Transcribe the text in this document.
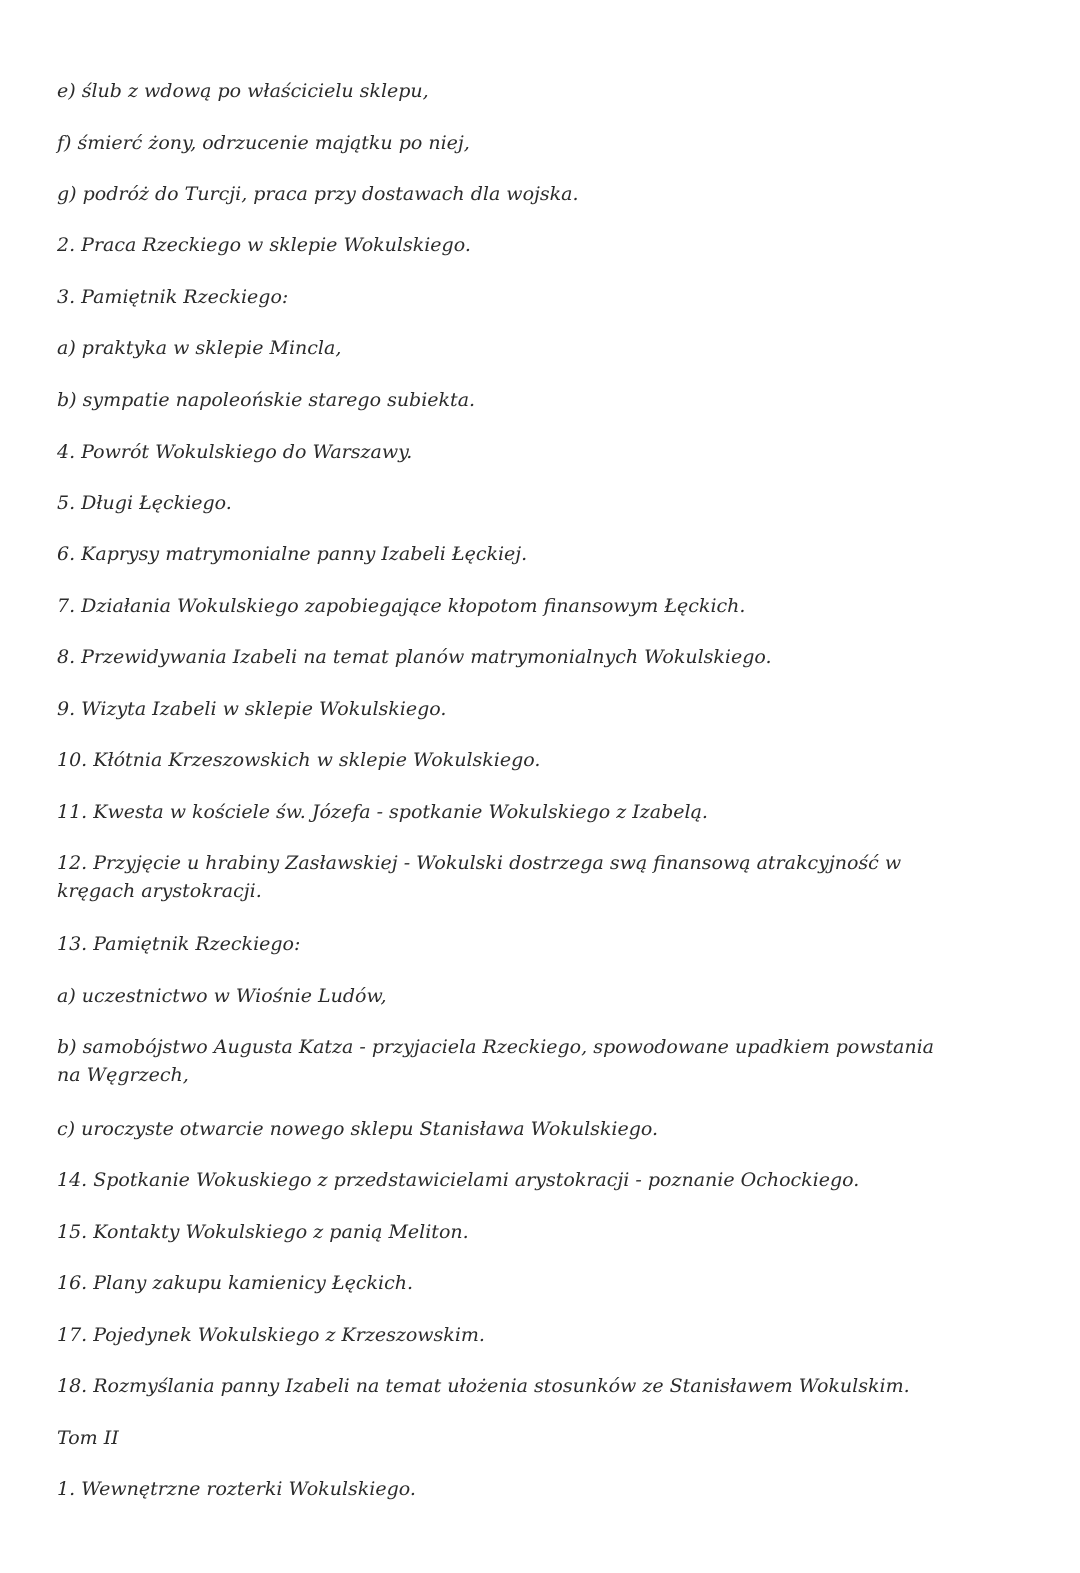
e) ślub z wdową po właścicielu sklepu,

f) śmierć żony, odrzucenie majątku po niej,

g) podróż do Turcji, praca przy dostawach dla wojska.

2. Praca Rzeckiego w sklepie Wokulskiego.

3. Pamiętnik Rzeckiego:

a) praktyka w sklepie Mincla,

b) sympatie napoleońskie starego subiekta.

4. Powrót Wokulskiego do Warszawy.

5. Długi Łęckiego.

6. Kaprysy matrymonialne panny Izabeli Łęckiej.

7. Działania Wokulskiego zapobiegające kłopotom finansowym Łęckich.

8. Przewidywania Izabeli na temat planów matrymonialnych Wokulskiego.

9. Wizyta Izabeli w sklepie Wokulskiego.

10. Kłótnia Krzeszowskich w sklepie Wokulskiego.

11. Kwesta w kościele św. Józefa - spotkanie Wokulskiego z Izabelą.

12. Przyjęcie u hrabiny Zasławskiej - Wokulski dostrzega swą finansową atrakcyjność w kręgach arystokracji.

13. Pamiętnik Rzeckiego:

a) uczestnictwo w Wiośnie Ludów,

b) samobójstwo Augusta Katza - przyjaciela Rzeckiego, spowodowane upadkiem powstania na Węgrzech,

c) uroczyste otwarcie nowego sklepu Stanisława Wokulskiego.

14. Spotkanie Wokuskiego z przedstawicielami arystokracji - poznanie Ochockiego.

15. Kontakty Wokulskiego z panią Meliton.

16. Plany zakupu kamienicy Łęckich.

17. Pojedynek Wokulskiego z Krzeszowskim.

18. Rozmyślania panny Izabeli na temat ułożenia stosunków ze Stanisławem Wokulskim.

Tom II

1. Wewnętrzne rozterki Wokulskiego.
